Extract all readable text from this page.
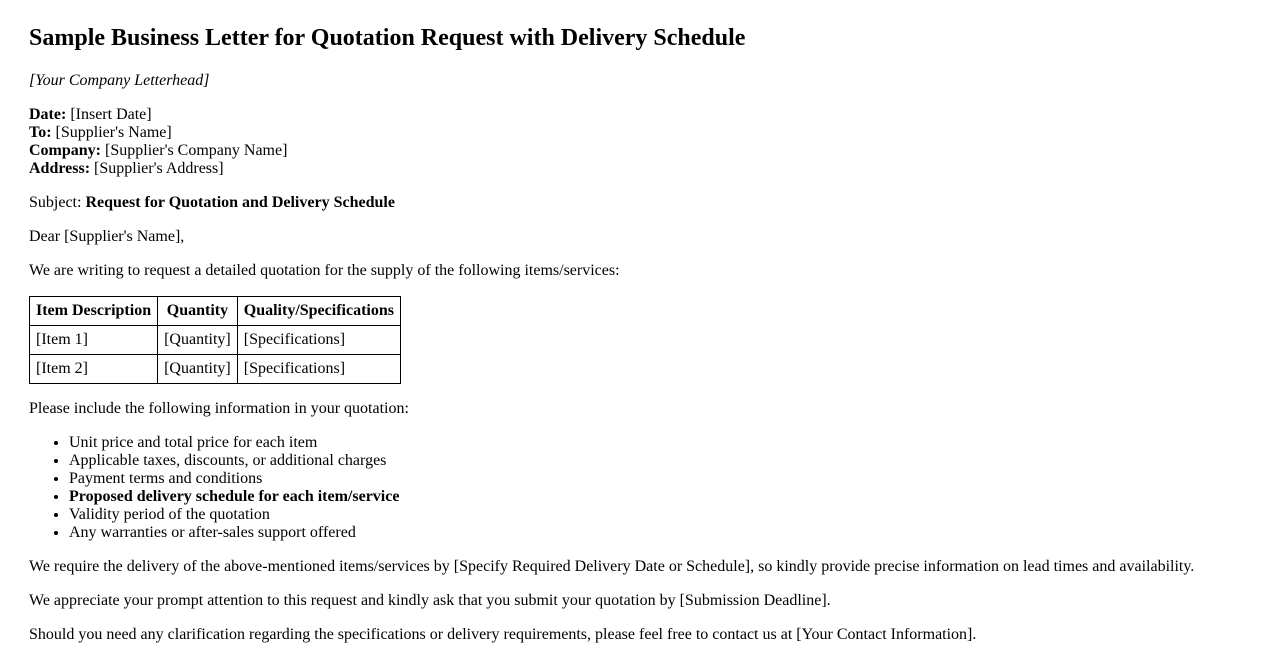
Sample Business Letter for Quotation Request with Delivery Schedule

[Your Company Letterhead]

Date: [Insert Date]
To: [Supplier's Name]
Company: [Supplier's Company Name]
Address: [Supplier's Address]

Subject: Request for Quotation and Delivery Schedule

Dear [Supplier's Name],

We are writing to request a detailed quotation for the supply of the following items/services:

Item Description	Quantity	Quality/Specifications
[Item 1]	[Quantity]	[Specifications]
[Item 2]	[Quantity]	[Specifications]

Please include the following information in your quotation:

• Unit price and total price for each item
• Applicable taxes, discounts, or additional charges
• Payment terms and conditions
• Proposed delivery schedule for each item/service
• Validity period of the quotation
• Any warranties or after-sales support offered

We require the delivery of the above-mentioned items/services by [Specify Required Delivery Date or Schedule], so kindly provide precise information on lead times and availability.

We appreciate your prompt attention to this request and kindly ask that you submit your quotation by [Submission Deadline].

Should you need any clarification regarding the specifications or delivery requirements, please feel free to contact us at [Your Contact Information].
